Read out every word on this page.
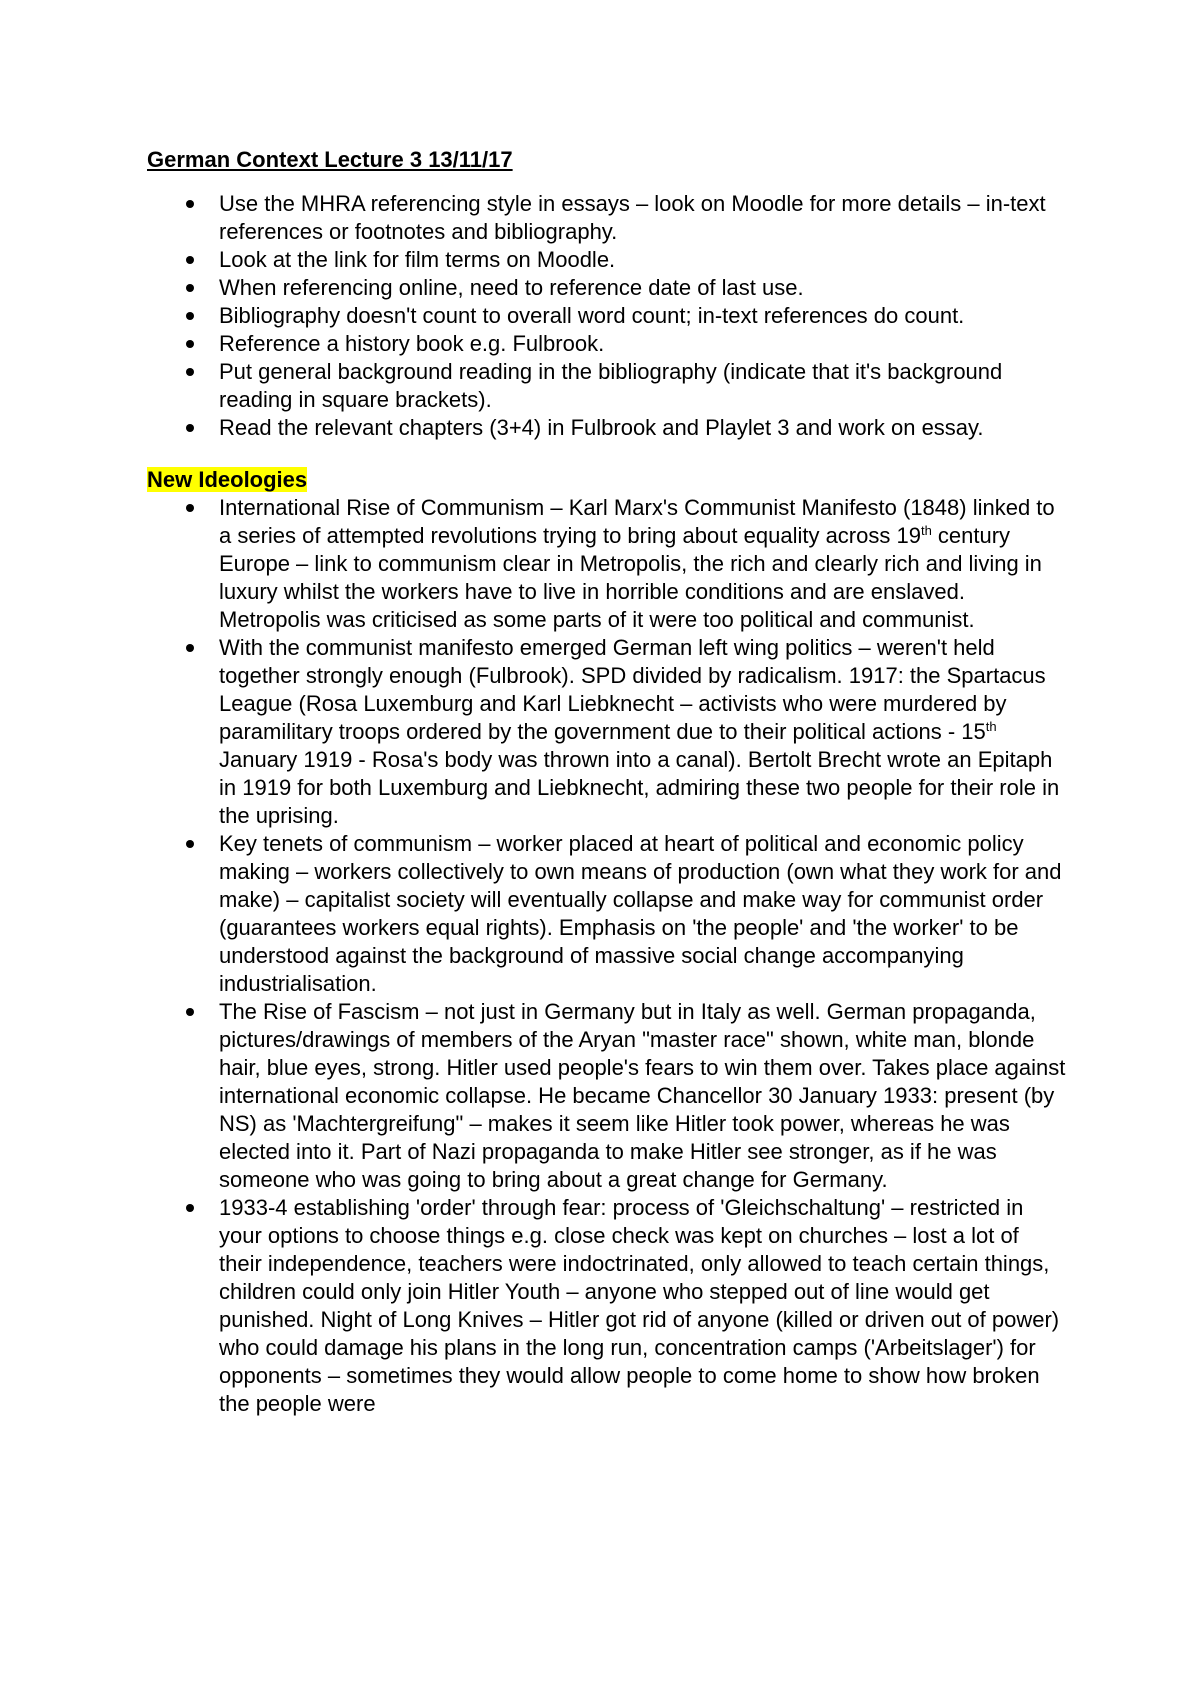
German Context Lecture 3 13/11/17
Use the MHRA referencing style in essays – look on Moodle for more details – in-text references or footnotes and bibliography.
Look at the link for film terms on Moodle.
When referencing online, need to reference date of last use.
Bibliography doesn't count to overall word count; in-text references do count.
Reference a history book e.g. Fulbrook.
Put general background reading in the bibliography (indicate that it's background reading in square brackets).
Read the relevant chapters (3+4) in Fulbrook and Playlet 3 and work on essay.
New Ideologies
International Rise of Communism – Karl Marx's Communist Manifesto (1848) linked to a series of attempted revolutions trying to bring about equality across 19th century Europe – link to communism clear in Metropolis, the rich and clearly rich and living in luxury whilst the workers have to live in horrible conditions and are enslaved. Metropolis was criticised as some parts of it were too political and communist.
With the communist manifesto emerged German left wing politics – weren't held together strongly enough (Fulbrook). SPD divided by radicalism. 1917: the Spartacus League (Rosa Luxemburg and Karl Liebknecht – activists who were murdered by paramilitary troops ordered by the government due to their political actions - 15th January 1919 - Rosa's body was thrown into a canal). Bertolt Brecht wrote an Epitaph in 1919 for both Luxemburg and Liebknecht, admiring these two people for their role in the uprising.
Key tenets of communism – worker placed at heart of political and economic policy making – workers collectively to own means of production (own what they work for and make) – capitalist society will eventually collapse and make way for communist order (guarantees workers equal rights). Emphasis on 'the people' and 'the worker' to be understood against the background of massive social change accompanying industrialisation.
The Rise of Fascism – not just in Germany but in Italy as well. German propaganda, pictures/drawings of members of the Aryan "master race" shown, white man, blonde hair, blue eyes, strong. Hitler used people's fears to win them over. Takes place against international economic collapse. He became Chancellor 30 January 1933: present (by NS) as 'Machtergreifung" – makes it seem like Hitler took power, whereas he was elected into it. Part of Nazi propaganda to make Hitler see stronger, as if he was someone who was going to bring about a great change for Germany.
1933-4 establishing 'order' through fear: process of 'Gleichschaltung' – restricted in your options to choose things e.g. close check was kept on churches – lost a lot of their independence, teachers were indoctrinated, only allowed to teach certain things, children could only join Hitler Youth – anyone who stepped out of line would get punished. Night of Long Knives – Hitler got rid of anyone (killed or driven out of power) who could damage his plans in the long run, concentration camps ('Arbeitslager') for opponents – sometimes they would allow people to come home to show how broken the people were
